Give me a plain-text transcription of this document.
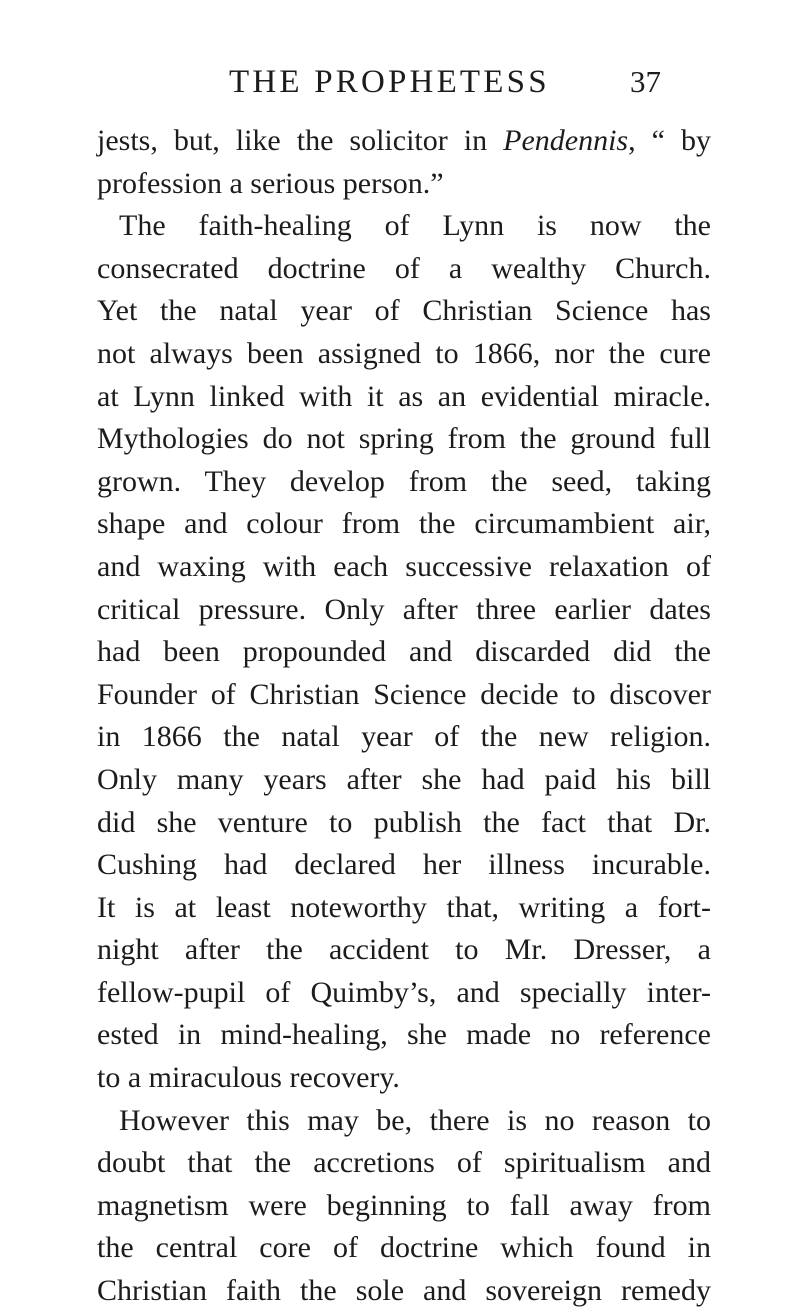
THE PROPHETESS	37
jests, but, like the solicitor in Pendennis, “ by
profession a serious person.”
The faith-healing of Lynn is now the
consecrated doctrine of a wealthy Church.
Yet the natal year of Christian Science has
not always been assigned to 1866, nor the cure
at Lynn linked with it as an evidential miracle.
Mythologies do not spring from the ground full
grown. They develop from the seed, taking
shape and colour from the circumambient air,
and waxing with each successive relaxation of
critical pressure. Only after three earlier dates
had been propounded and discarded did the
Founder of Christian Science decide to discover
in 1866 the natal year of the new religion.
Only many years after she had paid his bill
did she venture to publish the fact that Dr.
Cushing had declared her illness incurable.
It is at least noteworthy that, writing a fort-
night after the accident to Mr. Dresser, a
fellow-pupil of Quimby’s, and specially inter-
ested in mind-healing, she made no reference
to a miraculous recovery.
However this may be, there is no reason to
doubt that the accretions of spiritualism and
magnetism were beginning to fall away from
the central core of doctrine which found in
Christian faith the sole and sovereign remedy
